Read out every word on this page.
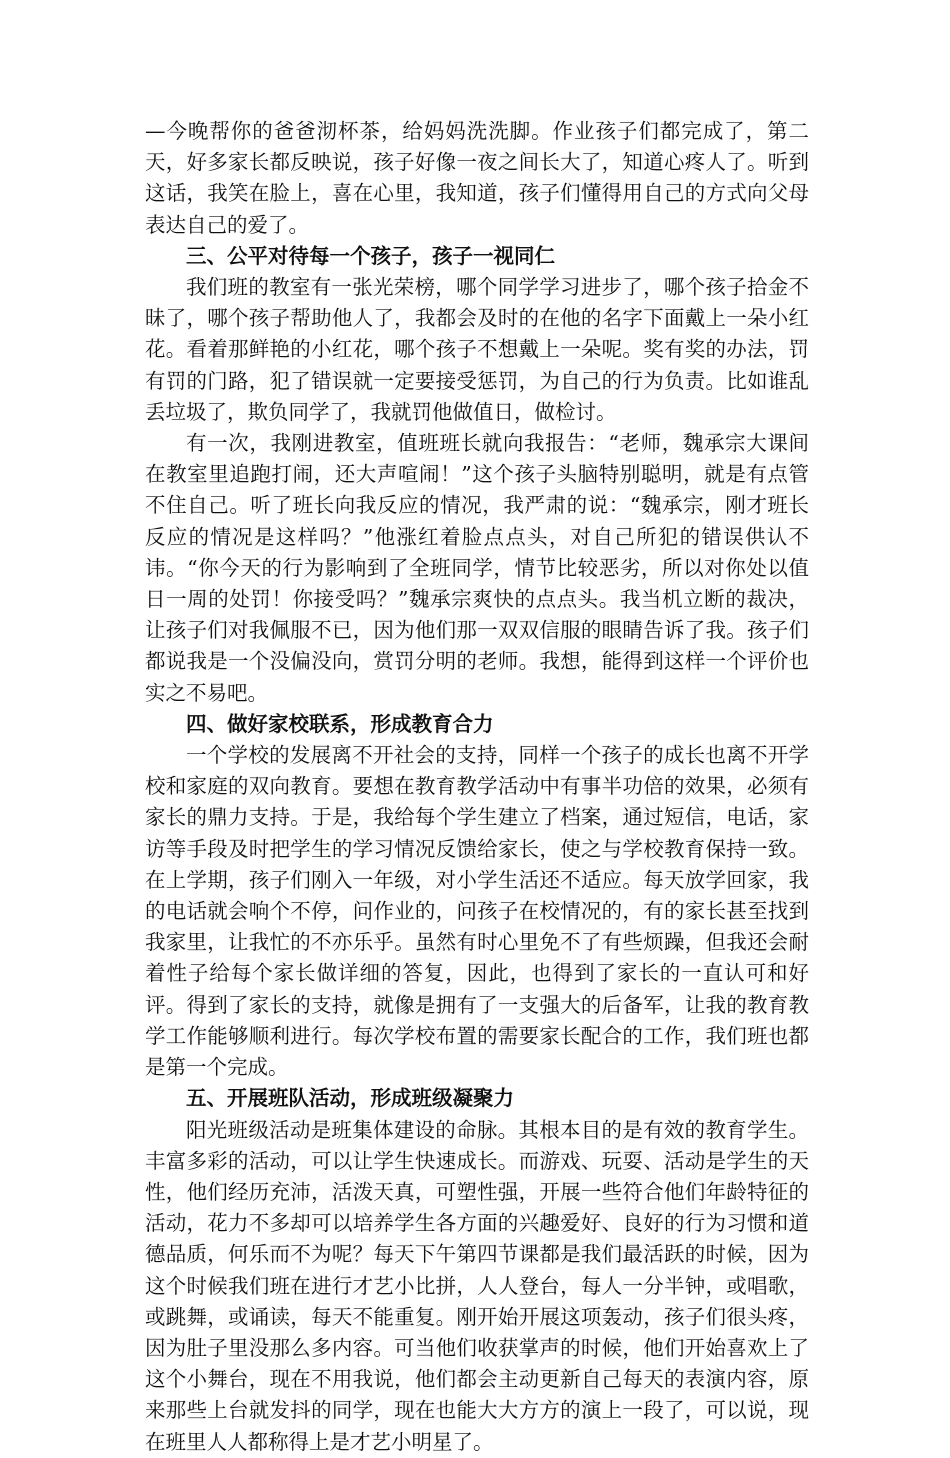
—今晚帮你的爸爸沏杯茶，给妈妈洗洗脚。作业孩子们都完成了，第二天，好多家长都反映说，孩子好像一夜之间长大了，知道心疼人了。听到这话，我笑在脸上，喜在心里，我知道，孩子们懂得用自己的方式向父母表达自己的爱了。

三、公平对待每一个孩子，孩子一视同仁

我们班的教室有一张光荣榜，哪个同学学习进步了，哪个孩子拾金不昧了，哪个孩子帮助他人了，我都会及时的在他的名字下面戴上一朵小红花。看着那鲜艳的小红花，哪个孩子不想戴上一朵呢。奖有奖的办法，罚有罚的门路，犯了错误就一定要接受惩罚，为自己的行为负责。比如谁乱丢垃圾了，欺负同学了，我就罚他做值日，做检讨。

有一次，我刚进教室，值班班长就向我报告：“老师，魏承宗大课间在教室里追跑打闹，还大声喧闹！”这个孩子头脑特别聪明，就是有点管不住自己。听了班长向我反应的情况，我严肃的说：“魏承宗，刚才班长反应的情况是这样吗？”他涨红着脸点点头，对自己所犯的错误供认不讳。“你今天的行为影响到了全班同学，情节比较恶劣，所以对你处以值日一周的处罚！你接受吗？”魏承宗爽快的点点头。我当机立断的裁决，让孩子们对我佩服不已，因为他们那一双双信服的眼睛告诉了我。孩子们都说我是一个没偏没向，赏罚分明的老师。我想，能得到这样一个评价也实之不易吧。

四、做好家校联系，形成教育合力

一个学校的发展离不开社会的支持，同样一个孩子的成长也离不开学校和家庭的双向教育。要想在教育教学活动中有事半功倍的效果，必须有家长的鼎力支持。于是，我给每个学生建立了档案，通过短信，电话，家访等手段及时把学生的学习情况反馈给家长，使之与学校教育保持一致。在上学期，孩子们刚入一年级，对小学生活还不适应。每天放学回家，我的电话就会响个不停，问作业的，问孩子在校情况的，有的家长甚至找到我家里，让我忙的不亦乐乎。虽然有时心里免不了有些烦躁，但我还会耐着性子给每个家长做详细的答复，因此，也得到了家长的一直认可和好评。得到了家长的支持，就像是拥有了一支强大的后备军，让我的教育教学工作能够顺利进行。每次学校布置的需要家长配合的工作，我们班也都是第一个完成。

五、开展班队活动，形成班级凝聚力

阳光班级活动是班集体建设的命脉。其根本目的是有效的教育学生。丰富多彩的活动，可以让学生快速成长。而游戏、玩耍、活动是学生的天性，他们经历充沛，活泼天真，可塑性强，开展一些符合他们年龄特征的活动，花力不多却可以培养学生各方面的兴趣爱好、良好的行为习惯和道德品质，何乐而不为呢？每天下午第四节课都是我们最活跃的时候，因为这个时候我们班在进行才艺小比拼，人人登台，每人一分半钟，或唱歌，或跳舞，或诵读，每天不能重复。刚开始开展这项轰动，孩子们很头疼，因为肚子里没那么多内容。可当他们收获掌声的时候，他们开始喜欢上了这个小舞台，现在不用我说，他们都会主动更新自己每天的表演内容，原来那些上台就发抖的同学，现在也能大大方方的演上一段了，可以说，现在班里人人都称得上是才艺小明星了。
